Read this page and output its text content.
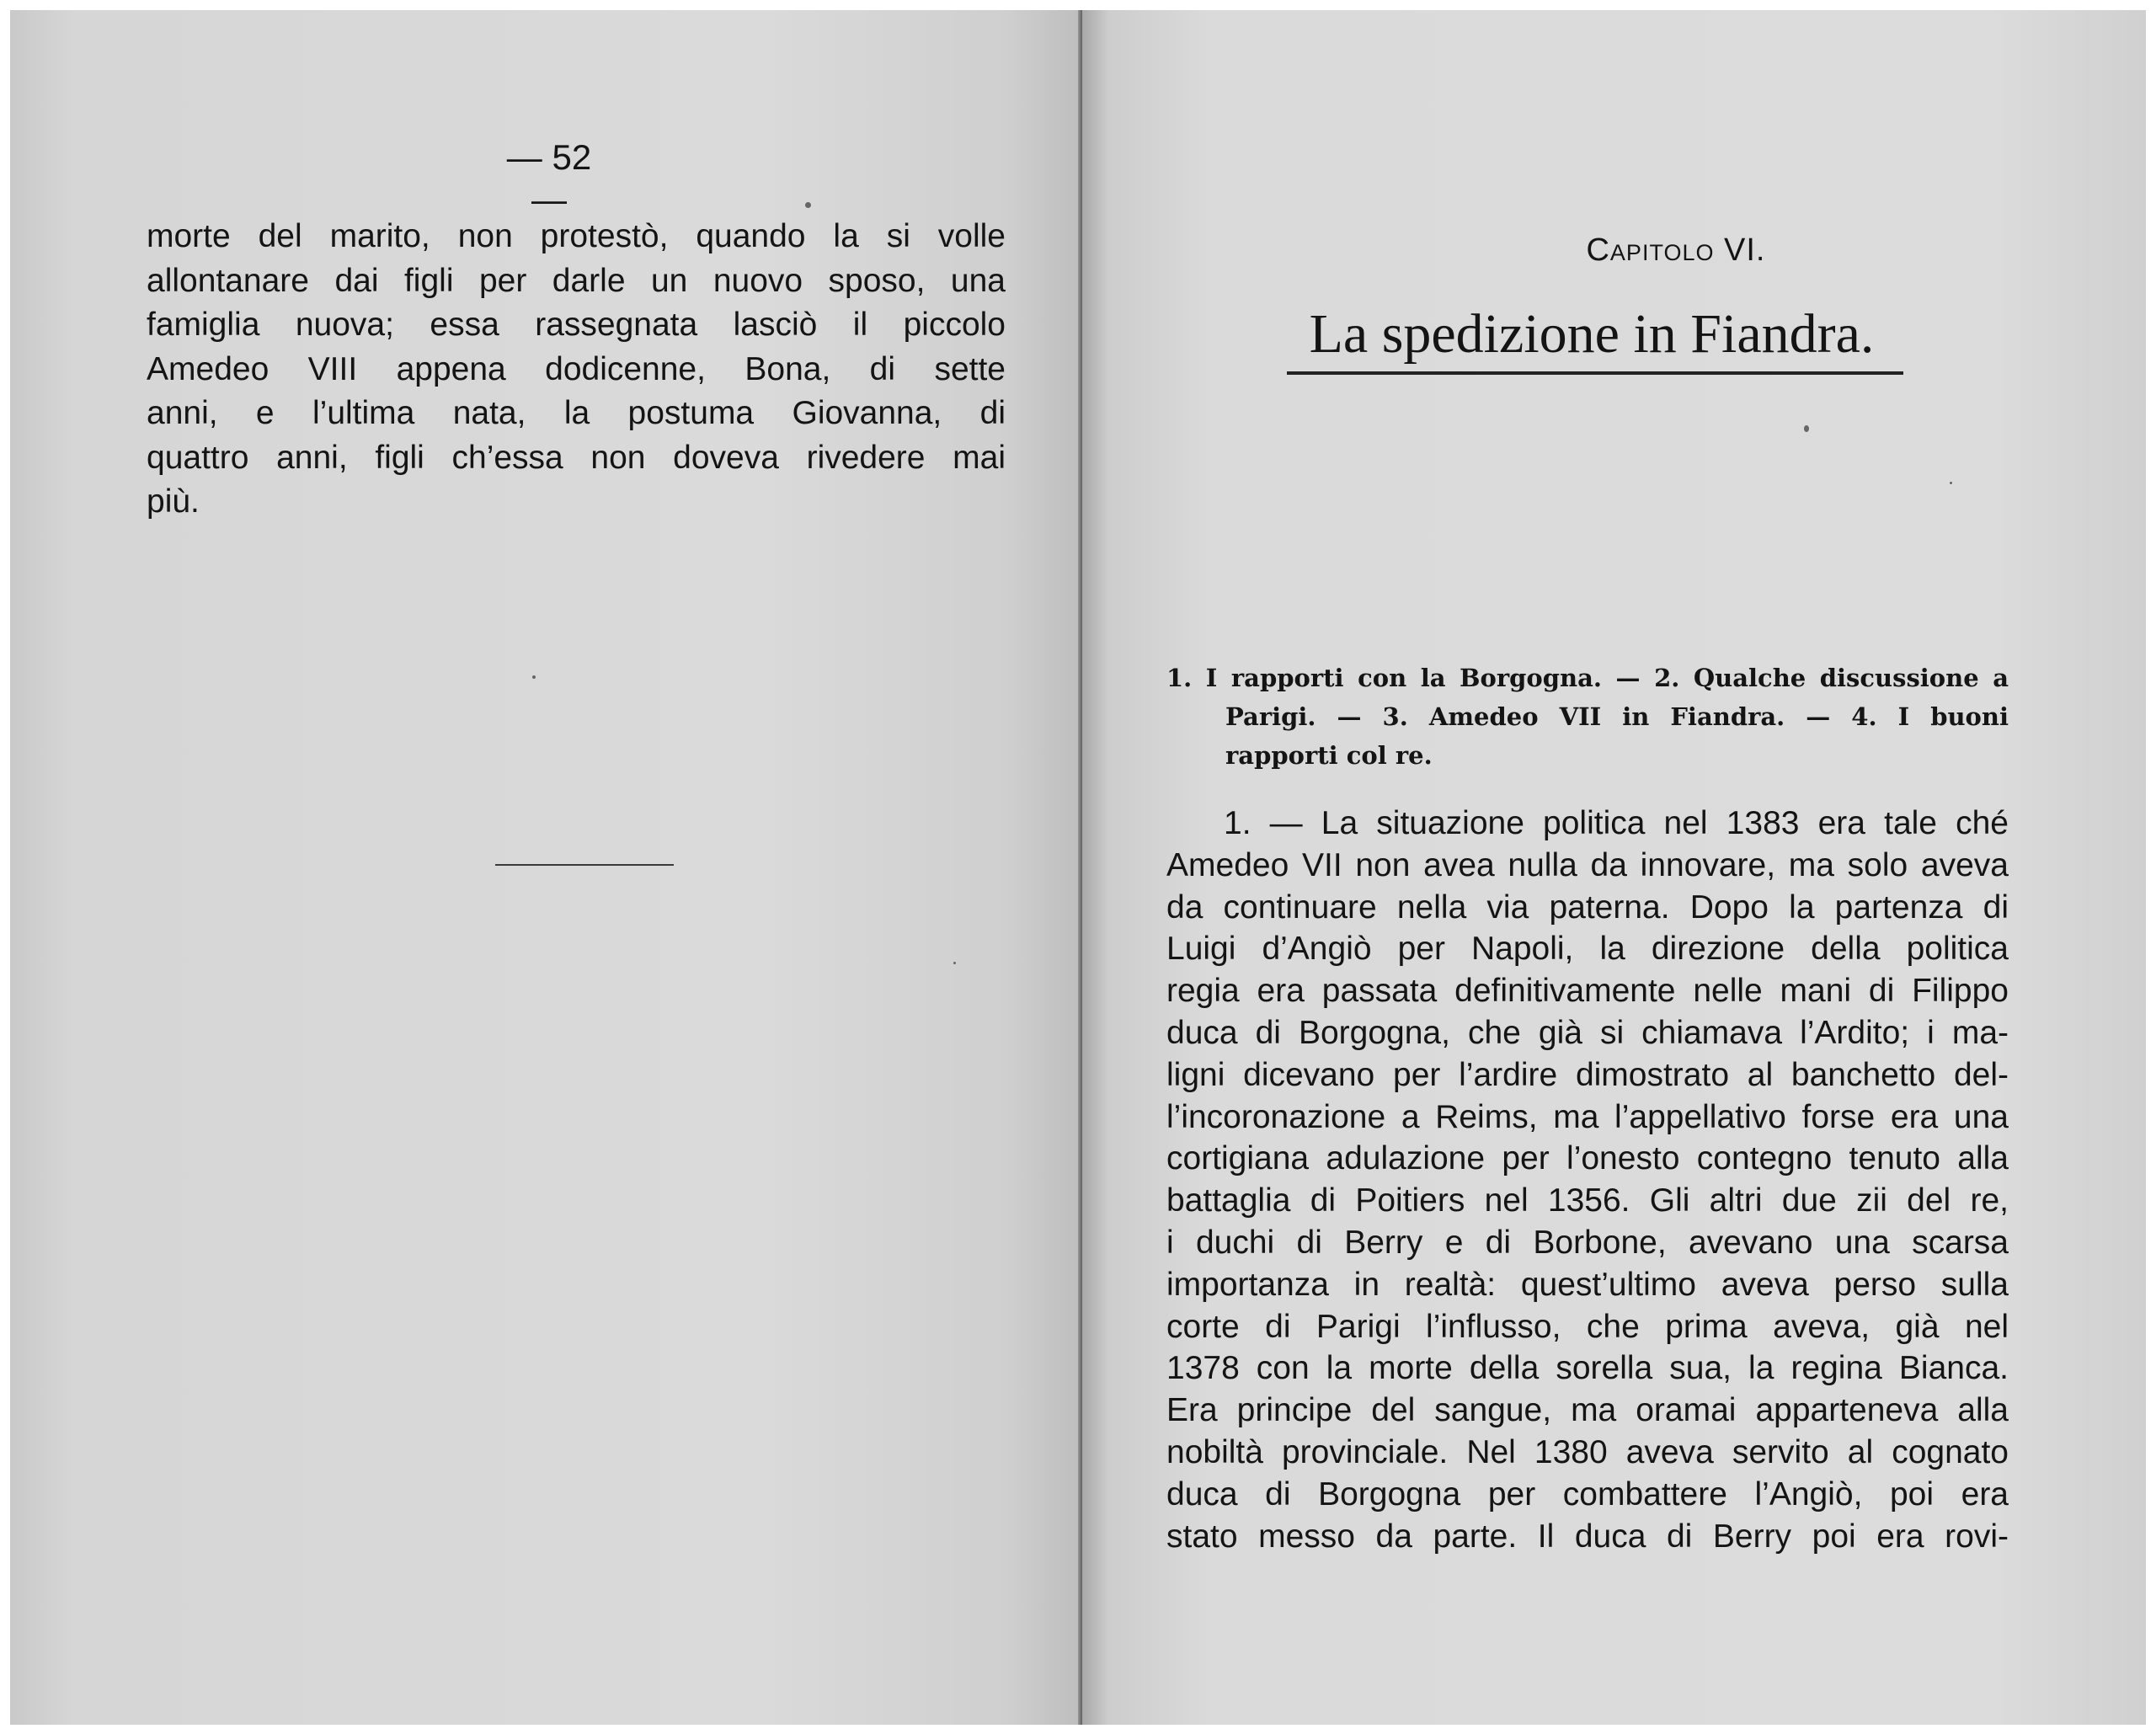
— 52 —
morte del marito, non protestò, quando la si volle
allontanare dai figli per darle un nuovo sposo, una
famiglia nuova; essa rassegnata lasciò il piccolo
Amedeo VIII appena dodicenne, Bona, di sette
anni, e l’ultima nata, la postuma Giovanna, di
quattro anni, figli ch’essa non doveva rivedere mai
più.
Capitolo VI.
La spedizione in Fiandra.
1. I rapporti con la Borgogna. — 2. Qualche discussione a
Parigi. — 3. Amedeo VII in Fiandra. — 4. I buoni
rapporti col re.
1. — La situazione politica nel 1383 era tale ché
Amedeo VII non avea nulla da innovare, ma solo aveva
da continuare nella via paterna. Dopo la partenza di
Luigi d’Angiò per Napoli, la direzione della politica
regia era passata definitivamente nelle mani di Filippo
duca di Borgogna, che già si chiamava l’Ardito; i ma-
ligni dicevano per l’ardire dimostrato al banchetto del-
l’incoronazione a Reims, ma l’appellativo forse era una
cortigiana adulazione per l’onesto contegno tenuto alla
battaglia di Poitiers nel 1356. Gli altri due zii del re,
i duchi di Berry e di Borbone, avevano una scarsa
importanza in realtà: quest’ultimo aveva perso sulla
corte di Parigi l’influsso, che prima aveva, già nel
1378 con la morte della sorella sua, la regina Bianca.
Era principe del sangue, ma oramai apparteneva alla
nobiltà provinciale. Nel 1380 aveva servito al cognato
duca di Borgogna per combattere l’Angiò, poi era
stato messo da parte. Il duca di Berry poi era rovi-
